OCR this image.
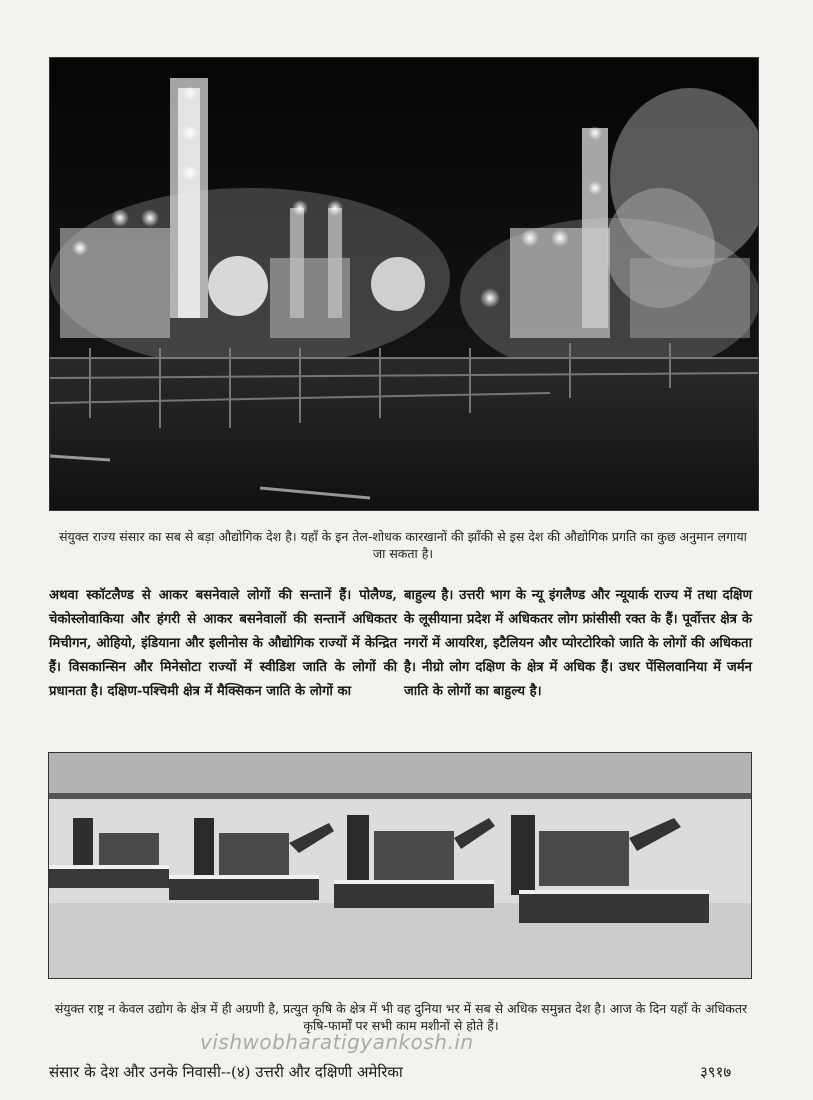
संयुक्त राज्य संसार का सब से बड़ा औद्योगिक देश है। यहाँ के इन तेल-शोधक कारखानों की झाँकी से इस देश की औद्योगिक प्रगति का कुछ अनुमान लगाया जा सकता है।
अथवा स्कॉटलैण्ड से आकर बसनेवाले लोगों की सन्तानें हैं। पोलैण्ड, चेकोस्लोवाकिया और हंगरी से आकर बसनेवालों की सन्तानें अधिकतर मिचीगन, ओहियो, इंडियाना और इलीनोस के औद्योगिक राज्यों में केन्द्रित हैं। विसकान्सिन और मिनेसोटा राज्यों में स्वीडिश जाति के लोगों की प्रधानता है। दक्षिण-पश्चिमी क्षेत्र में मैक्सिकन जाति के लोगों का
बाहुल्य है। उत्तरी भाग के न्यू इंगलैण्ड और न्यूयार्क राज्य में तथा दक्षिण के लूसीयाना प्रदेश में अधिकतर लोग फ्रांसीसी रक्त के हैं। पूर्वोत्तर क्षेत्र के नगरों में आयरिश, इटैलियन और प्योरटोरिको जाति के लोगों की अधिकता है। नीग्रो लोग दक्षिण के क्षेत्र में अधिक हैं। उधर पेंसिलवानिया में जर्मन जाति के लोगों का बाहुल्य है।
संयुक्त राष्ट्र न केवल उद्योग के क्षेत्र में ही अग्रणी है, प्रत्युत कृषि के क्षेत्र में भी वह दुनिया भर में सब से अधिक समुन्नत देश है। आज के दिन यहाँ के अधिकतर कृषि-फार्मों पर सभी काम मशीनों से होते हैं।
vishwobharatigyankosh.in
संसार के देश और उनके निवासी--(४) उत्तरी और दक्षिणी अमेरिका	३९१७
